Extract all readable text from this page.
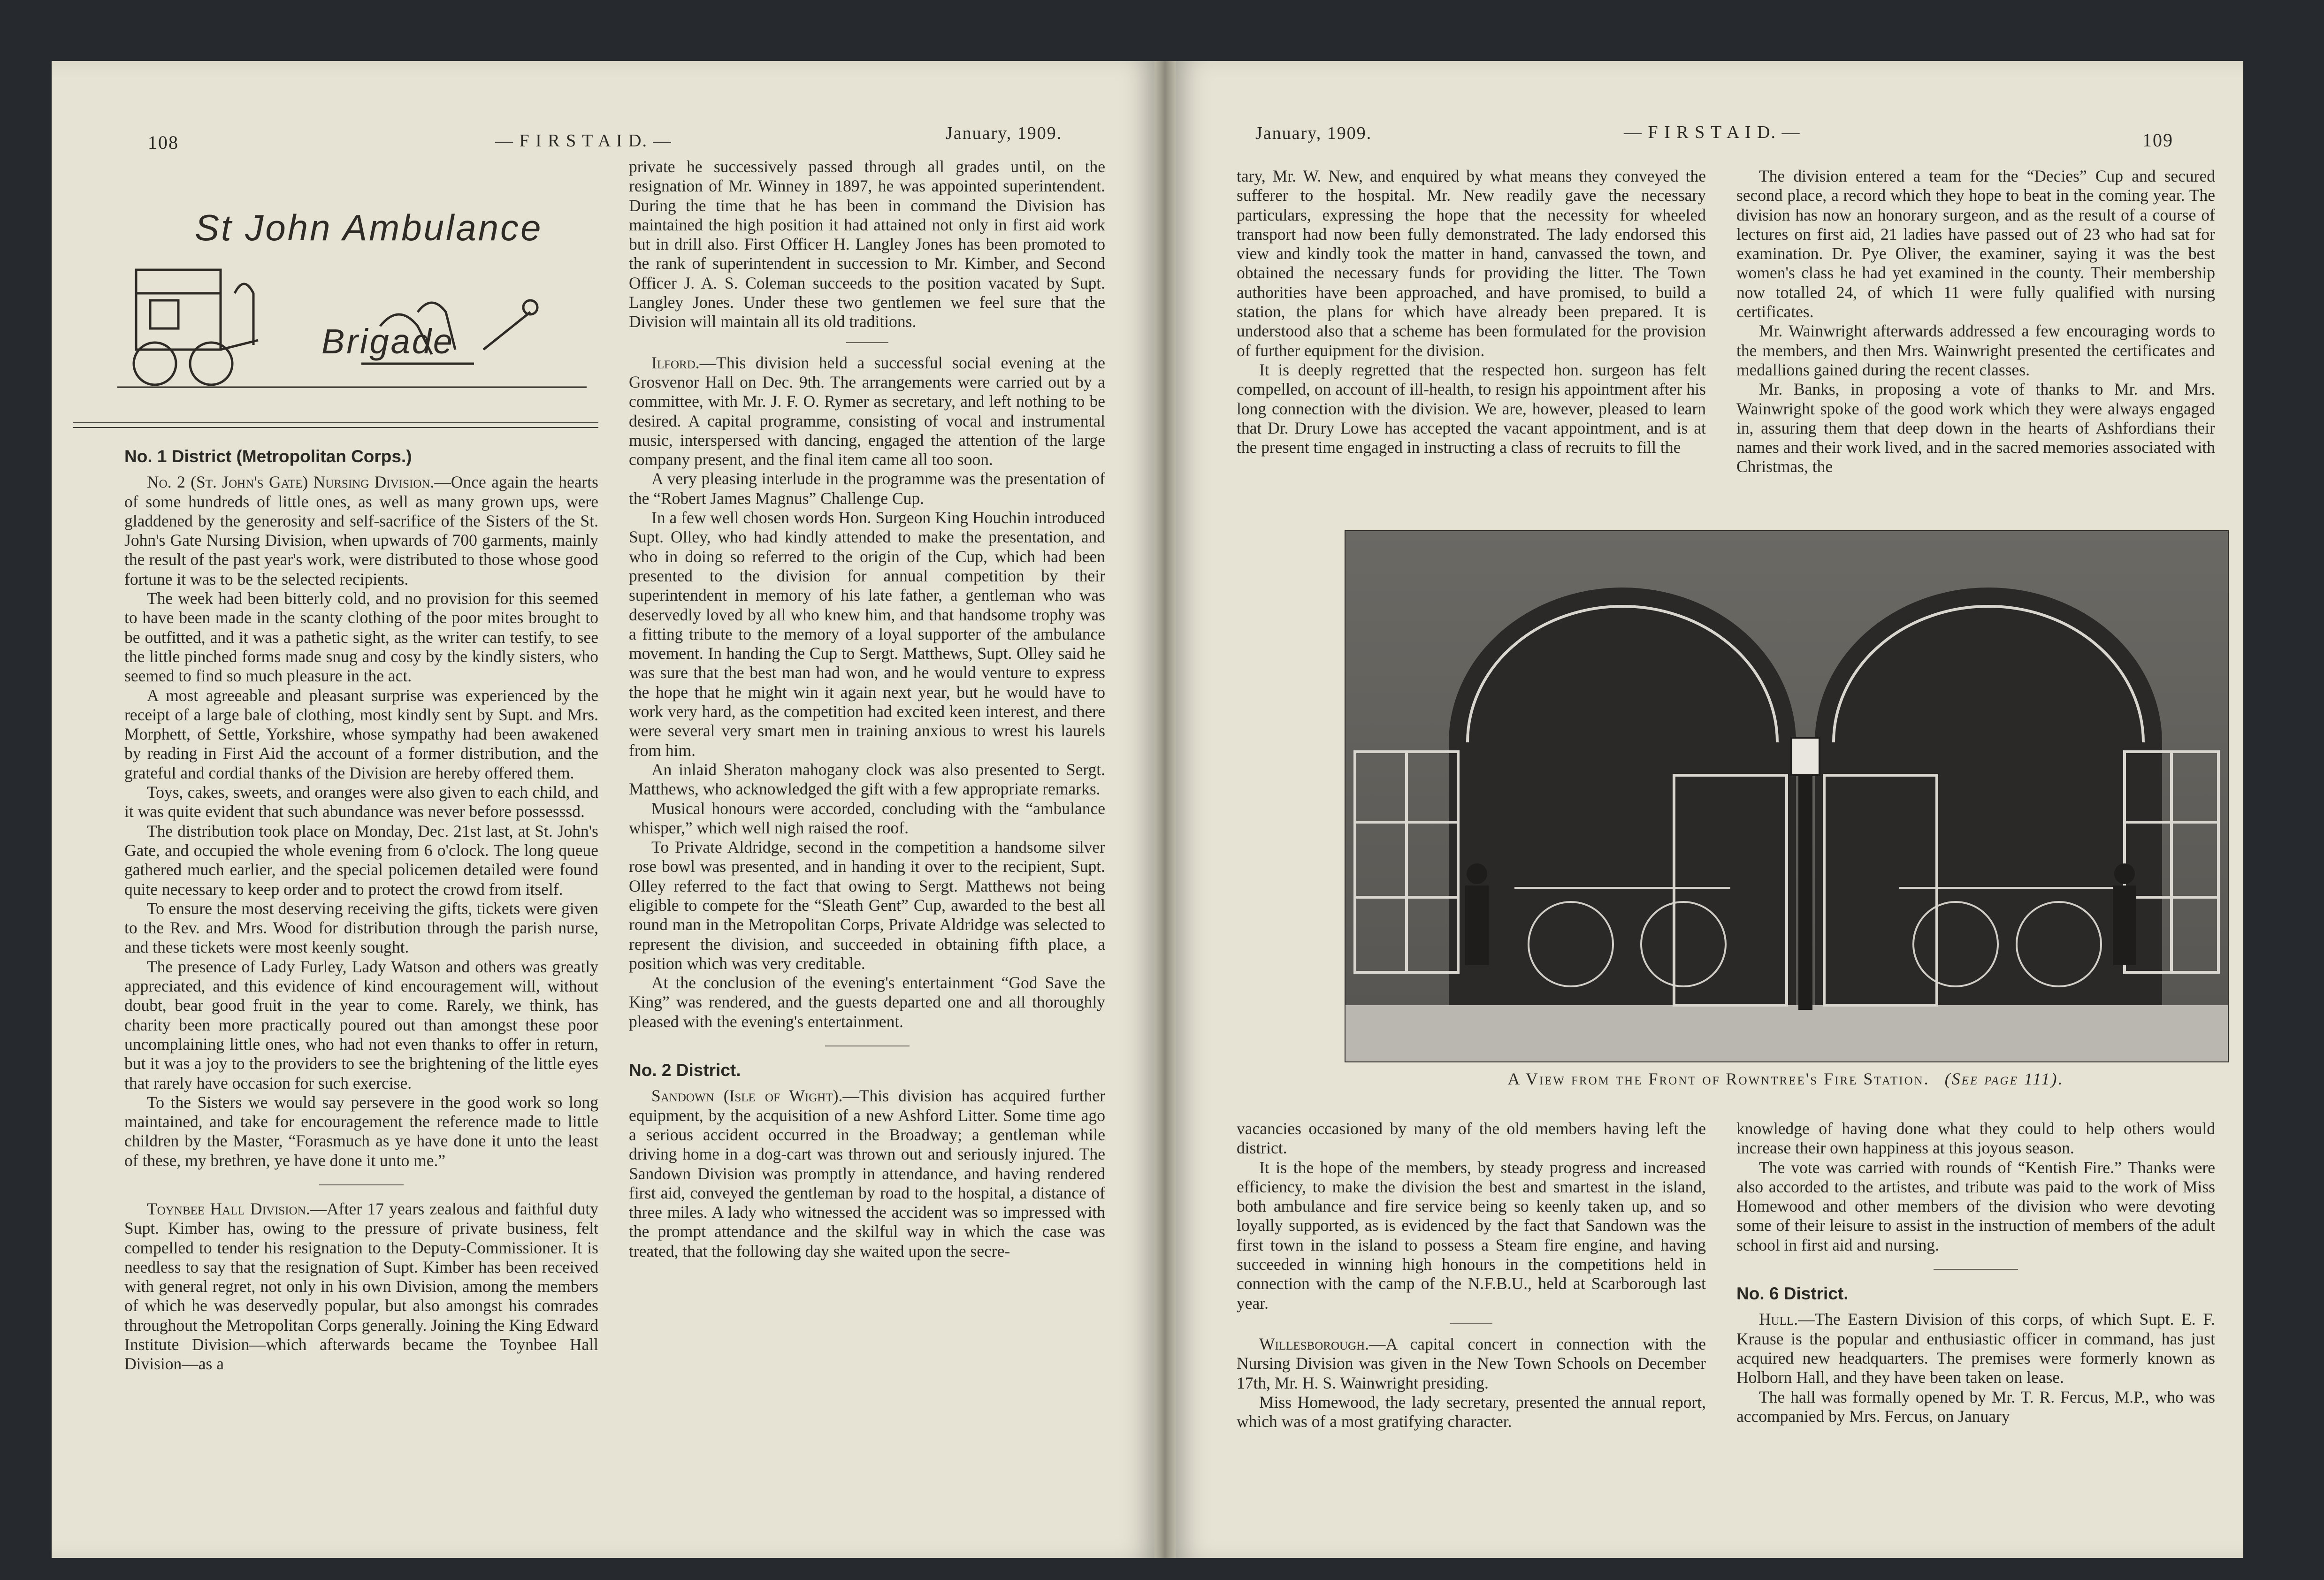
108	— F I R S T A I D. —	January, 1909.
St John Ambulance
Brigade
No. 1 District (Metropolitan Corps.)

No. 2 (St. John's Gate) Nursing Division.—Once again the hearts of some hundreds of little ones, as well as many grown ups, were gladdened by the generosity and self-sacrifice of the Sisters of the St. John's Gate Nursing Division, when upwards of 700 garments, mainly the result of the past year's work, were distributed to those whose good fortune it was to be the selected recipients.

The week had been bitterly cold, and no provision for this seemed to have been made in the scanty clothing of the poor mites brought to be outfitted, and it was a pathetic sight, as the writer can testify, to see the little pinched forms made snug and cosy by the kindly sisters, who seemed to find so much pleasure in the act.

A most agreeable and pleasant surprise was experienced by the receipt of a large bale of clothing, most kindly sent by Supt. and Mrs. Morphett, of Settle, Yorkshire, whose sympathy had been awakened by reading in First Aid the account of a former distribution, and the grateful and cordial thanks of the Division are hereby offered them.

Toys, cakes, sweets, and oranges were also given to each child, and it was quite evident that such abundance was never before possesssd.

The distribution took place on Monday, Dec. 21st last, at St. John's Gate, and occupied the whole evening from 6 o'clock. The long queue gathered much earlier, and the special policemen detailed were found quite necessary to keep order and to protect the crowd from itself.

To ensure the most deserving receiving the gifts, tickets were given to the Rev. and Mrs. Wood for distribution through the parish nurse, and these tickets were most keenly sought.

The presence of Lady Furley, Lady Watson and others was greatly appreciated, and this evidence of kind encouragement will, without doubt, bear good fruit in the year to come. Rarely, we think, has charity been more practically poured out than amongst these poor uncomplaining little ones, who had not even thanks to offer in return, but it was a joy to the providers to see the brightening of the little eyes that rarely have occasion for such exercise.

To the Sisters we would say persevere in the good work so long maintained, and take for encouragement the reference made to little children by the Master, “Forasmuch as ye have done it unto the least of these, my brethren, ye have done it unto me.”

Toynbee Hall Division.—After 17 years zealous and faithful duty Supt. Kimber has, owing to the pressure of private business, felt compelled to tender his resignation to the Deputy-Commissioner. It is needless to say that the resignation of Supt. Kimber has been received with general regret, not only in his own Division, among the members of which he was deservedly popular, but also amongst his comrades throughout the Metropolitan Corps generally. Joining the King Edward Institute Division—which afterwards became the Toynbee Hall Division—as a

private he successively passed through all grades until, on the resignation of Mr. Winney in 1897, he was appointed superintendent. During the time that he has been in command the Division has maintained the high position it had attained not only in first aid work but in drill also. First Officer H. Langley Jones has been promoted to the rank of superintendent in succession to Mr. Kimber, and Second Officer J. A. S. Coleman succeeds to the position vacated by Supt. Langley Jones. Under these two gentlemen we feel sure that the Division will maintain all its old traditions.

Ilford.—This division held a successful social evening at the Grosvenor Hall on Dec. 9th. The arrangements were carried out by a committee, with Mr. J. F. O. Rymer as secretary, and left nothing to be desired. A capital programme, consisting of vocal and instrumental music, interspersed with dancing, engaged the attention of the large company present, and the final item came all too soon.

A very pleasing interlude in the programme was the presentation of the “Robert James Magnus” Challenge Cup.

In a few well chosen words Hon. Surgeon King Houchin introduced Supt. Olley, who had kindly attended to make the presentation, and who in doing so referred to the origin of the Cup, which had been presented to the division for annual competition by their superintendent in memory of his late father, a gentleman who was deservedly loved by all who knew him, and that handsome trophy was a fitting tribute to the memory of a loyal supporter of the ambulance movement. In handing the Cup to Sergt. Matthews, Supt. Olley said he was sure that the best man had won, and he would venture to express the hope that he might win it again next year, but he would have to work very hard, as the competition had excited keen interest, and there were several very smart men in training anxious to wrest his laurels from him.

An inlaid Sheraton mahogany clock was also presented to Sergt. Matthews, who acknowledged the gift with a few appropriate remarks.

Musical honours were accorded, concluding with the “ambulance whisper,” which well nigh raised the roof.

To Private Aldridge, second in the competition a handsome silver rose bowl was presented, and in handing it over to the recipient, Supt. Olley referred to the fact that owing to Sergt. Matthews not being eligible to compete for the “Sleath Gent” Cup, awarded to the best all round man in the Metropolitan Corps, Private Aldridge was selected to represent the division, and succeeded in obtaining fifth place, a position which was very creditable.

At the conclusion of the evening's entertainment “God Save the King” was rendered, and the guests departed one and all thoroughly pleased with the evening's entertainment.

No. 2 District.

Sandown (Isle of Wight).—This division has acquired further equipment, by the acquisition of a new Ashford Litter. Some time ago a serious accident occurred in the Broadway; a gentleman while driving home in a dog-cart was thrown out and seriously injured. The Sandown Division was promptly in attendance, and having rendered first aid, conveyed the gentleman by road to the hospital, a distance of three miles. A lady who witnessed the accident was so impressed with the prompt attendance and the skilful way in which the case was treated, that the following day she waited upon the secre-

January, 1909.	— F I R S T A I D. —	109

tary, Mr. W. New, and enquired by what means they conveyed the sufferer to the hospital. Mr. New readily gave the necessary particulars, expressing the hope that the necessity for wheeled transport had now been fully demonstrated. The lady endorsed this view and kindly took the matter in hand, canvassed the town, and obtained the necessary funds for providing the litter. The Town authorities have been approached, and have promised, to build a station, the plans for which have already been prepared. It is understood also that a scheme has been formulated for the provision of further equipment for the division.

It is deeply regretted that the respected hon. surgeon has felt compelled, on account of ill-health, to resign his appointment after his long connection with the division. We are, however, pleased to learn that Dr. Drury Lowe has accepted the vacant appointment, and is at the present time engaged in instructing a class of recruits to fill the

The division entered a team for the “Decies” Cup and secured second place, a record which they hope to beat in the coming year. The division has now an honorary surgeon, and as the result of a course of lectures on first aid, 21 ladies have passed out of 23 who had sat for examination. Dr. Pye Oliver, the examiner, saying it was the best women's class he had yet examined in the county. Their membership now totalled 24, of which 11 were fully qualified with nursing certificates.

Mr. Wainwright afterwards addressed a few encouraging words to the members, and then Mrs. Wainwright presented the certificates and medallions gained during the recent classes.

Mr. Banks, in proposing a vote of thanks to Mr. and Mrs. Wainwright spoke of the good work which they were always engaged in, assuring them that deep down in the hearts of Ashfordians their names and their work lived, and in the sacred memories associated with Christmas, the

A View from the Front of Rowntree's Fire Station. (See page 111).

vacancies occasioned by many of the old members having left the district.

It is the hope of the members, by steady progress and increased efficiency, to make the division the best and smartest in the island, both ambulance and fire service being so keenly taken up, and so loyally supported, as is evidenced by the fact that Sandown was the first town in the island to possess a Steam fire engine, and having succeeded in winning high honours in the competitions held in connection with the camp of the N.F.B.U., held at Scarborough last year.

Willesborough.—A capital concert in connection with the Nursing Division was given in the New Town Schools on December 17th, Mr. H. S. Wainwright presiding.

Miss Homewood, the lady secretary, presented the annual report, which was of a most gratifying character.

knowledge of having done what they could to help others would increase their own happiness at this joyous season.

The vote was carried with rounds of “Kentish Fire.” Thanks were also accorded to the artistes, and tribute was paid to the work of Miss Homewood and other members of the division who were devoting some of their leisure to assist in the instruction of members of the adult school in first aid and nursing.

No. 6 District.

Hull.—The Eastern Division of this corps, of which Supt. E. F. Krause is the popular and enthusiastic officer in command, has just acquired new headquarters. The premises were formerly known as Holborn Hall, and they have been taken on lease.

The hall was formally opened by Mr. T. R. Fercus, M.P., who was accompanied by Mrs. Fercus, on January
